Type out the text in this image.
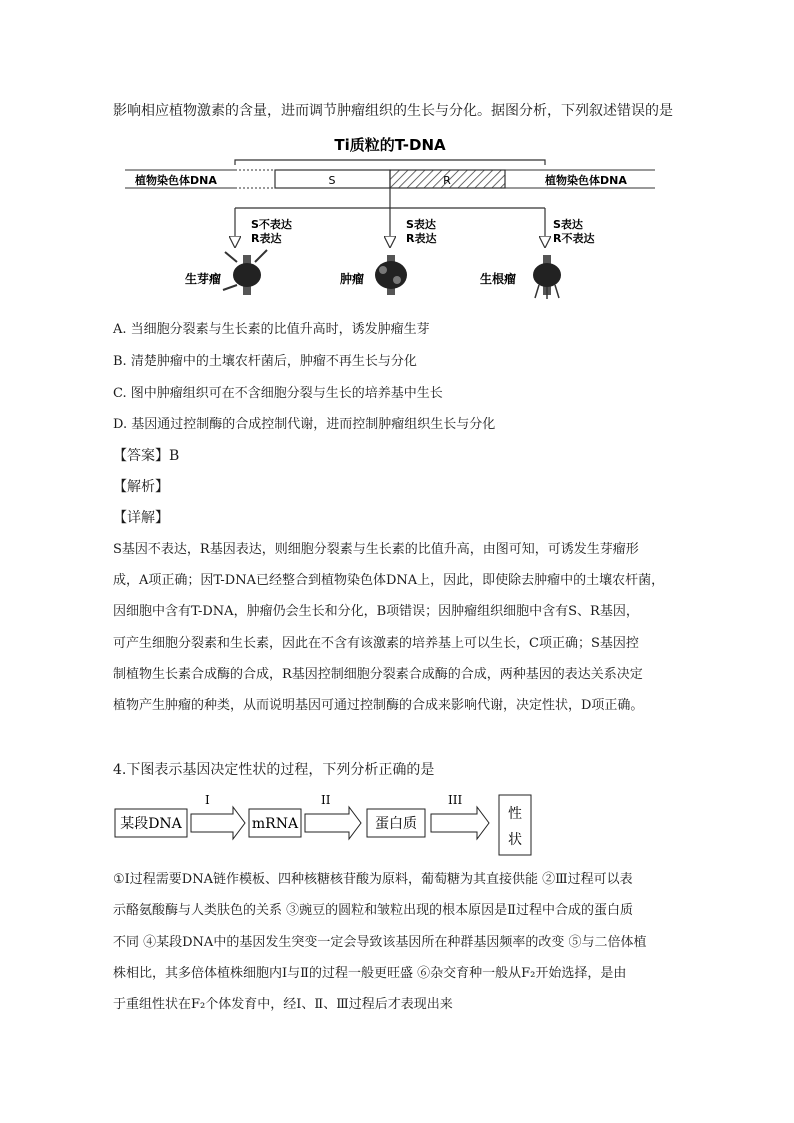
影响相应植物激素的含量，进而调节肿瘤组织的生长与分化。据图分析，下列叙述错误的是
Ti质粒的T-DNA
植物染色体DNA	植物染色体DNA
S	R
S不表达
R表达
S表达
R表达
S表达
R不表达
生芽瘤	肿瘤	生根瘤
A. 当细胞分裂素与生长素的比值升高时，诱发肿瘤生芽
B. 清楚肿瘤中的土壤农杆菌后，肿瘤不再生长与分化
C. 图中肿瘤组织可在不含细胞分裂与生长的培养基中生长
D. 基因通过控制酶的合成控制代谢，进而控制肿瘤组织生长与分化
【答案】B
【解析】
【详解】
S基因不表达，R基因表达，则细胞分裂素与生长素的比值升高，由图可知，可诱发生芽瘤形
成，A项正确；因T-DNA已经整合到植物染色体DNA上，因此，即使除去肿瘤中的土壤农杆菌，
因细胞中含有T-DNA，肿瘤仍会生长和分化，B项错误；因肿瘤组织细胞中含有S、R基因，
可产生细胞分裂素和生长素，因此在不含有该激素的培养基上可以生长，C项正确；S基因控
制植物生长素合成酶的合成，R基因控制细胞分裂素合成酶的合成，两种基因的表达关系决定
植物产生肿瘤的种类，从而说明基因可通过控制酶的合成来影响代谢，决定性状，D项正确。
4.下图表示基因决定性状的过程，下列分析正确的是
某段DNA
I
mRNA
II
蛋白质
III
性
状
①Ⅰ过程需要DNA链作模板、四种核糖核苷酸为原料，葡萄糖为其直接供能 ②Ⅲ过程可以表
示酪氨酸酶与人类肤色的关系 ③豌豆的圆粒和皱粒出现的根本原因是Ⅱ过程中合成的蛋白质
不同 ④某段DNA中的基因发生突变一定会导致该基因所在种群基因频率的改变 ⑤与二倍体植
株相比，其多倍体植株细胞内Ⅰ与Ⅱ的过程一般更旺盛 ⑥杂交育种一般从F₂开始选择，是由
于重组性状在F₂个体发育中，经Ⅰ、Ⅱ、Ⅲ过程后才表现出来
